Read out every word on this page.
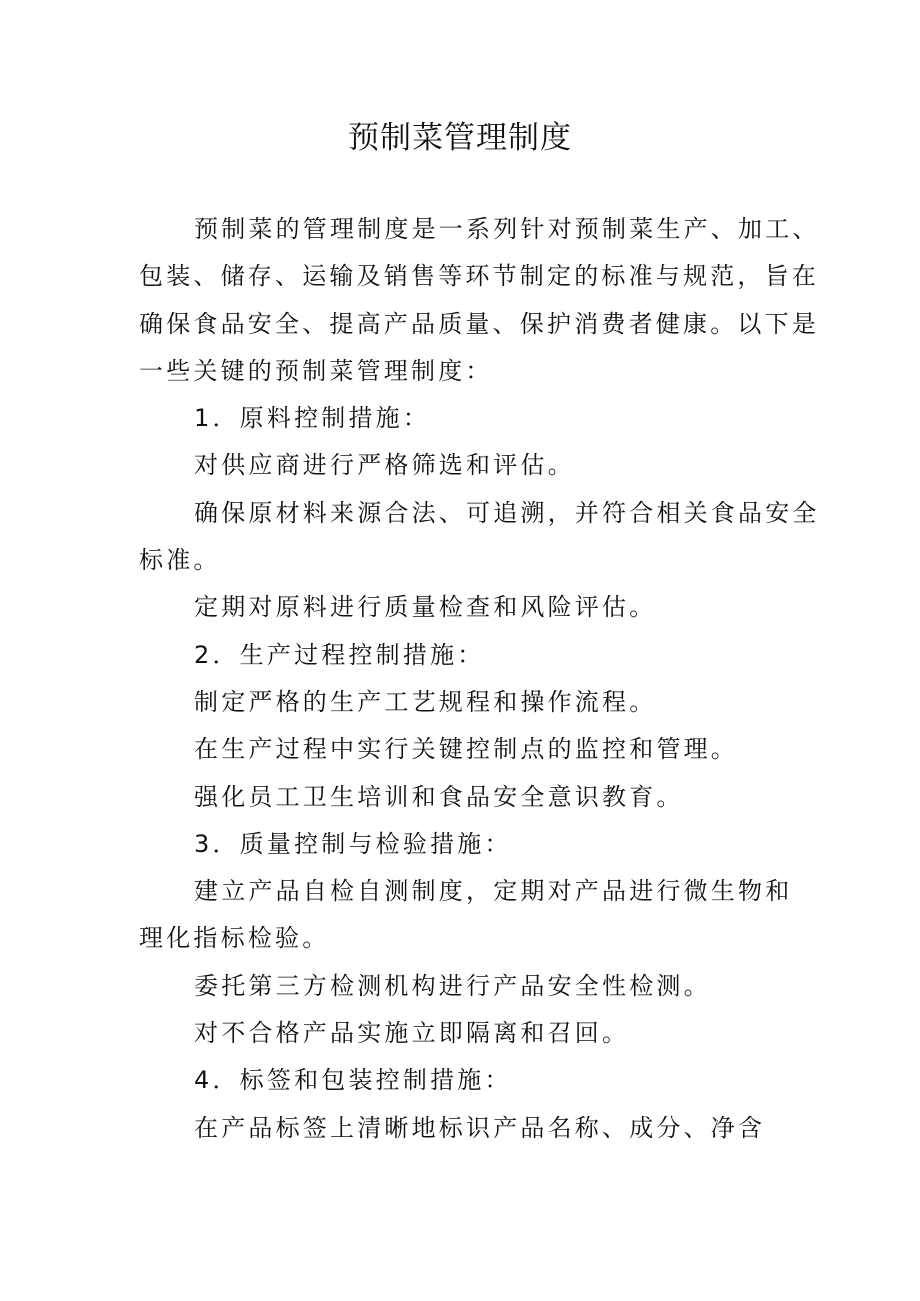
预制菜管理制度
预制菜的管理制度是一系列针对预制菜生产、加工、
包装、储存、运输及销售等环节制定的标准与规范，旨在
确保食品安全、提高产品质量、保护消费者健康。以下是
一些关键的预制菜管理制度：
1．原料控制措施：
对供应商进行严格筛选和评估。
确保原材料来源合法、可追溯，并符合相关食品安全
标准。
定期对原料进行质量检查和风险评估。
2．生产过程控制措施：
制定严格的生产工艺规程和操作流程。
在生产过程中实行关键控制点的监控和管理。
强化员工卫生培训和食品安全意识教育。
3．质量控制与检验措施：
建立产品自检自测制度，定期对产品进行微生物和
理化指标检验。
委托第三方检测机构进行产品安全性检测。
对不合格产品实施立即隔离和召回。
4．标签和包装控制措施：
在产品标签上清晰地标识产品名称、成分、净含
